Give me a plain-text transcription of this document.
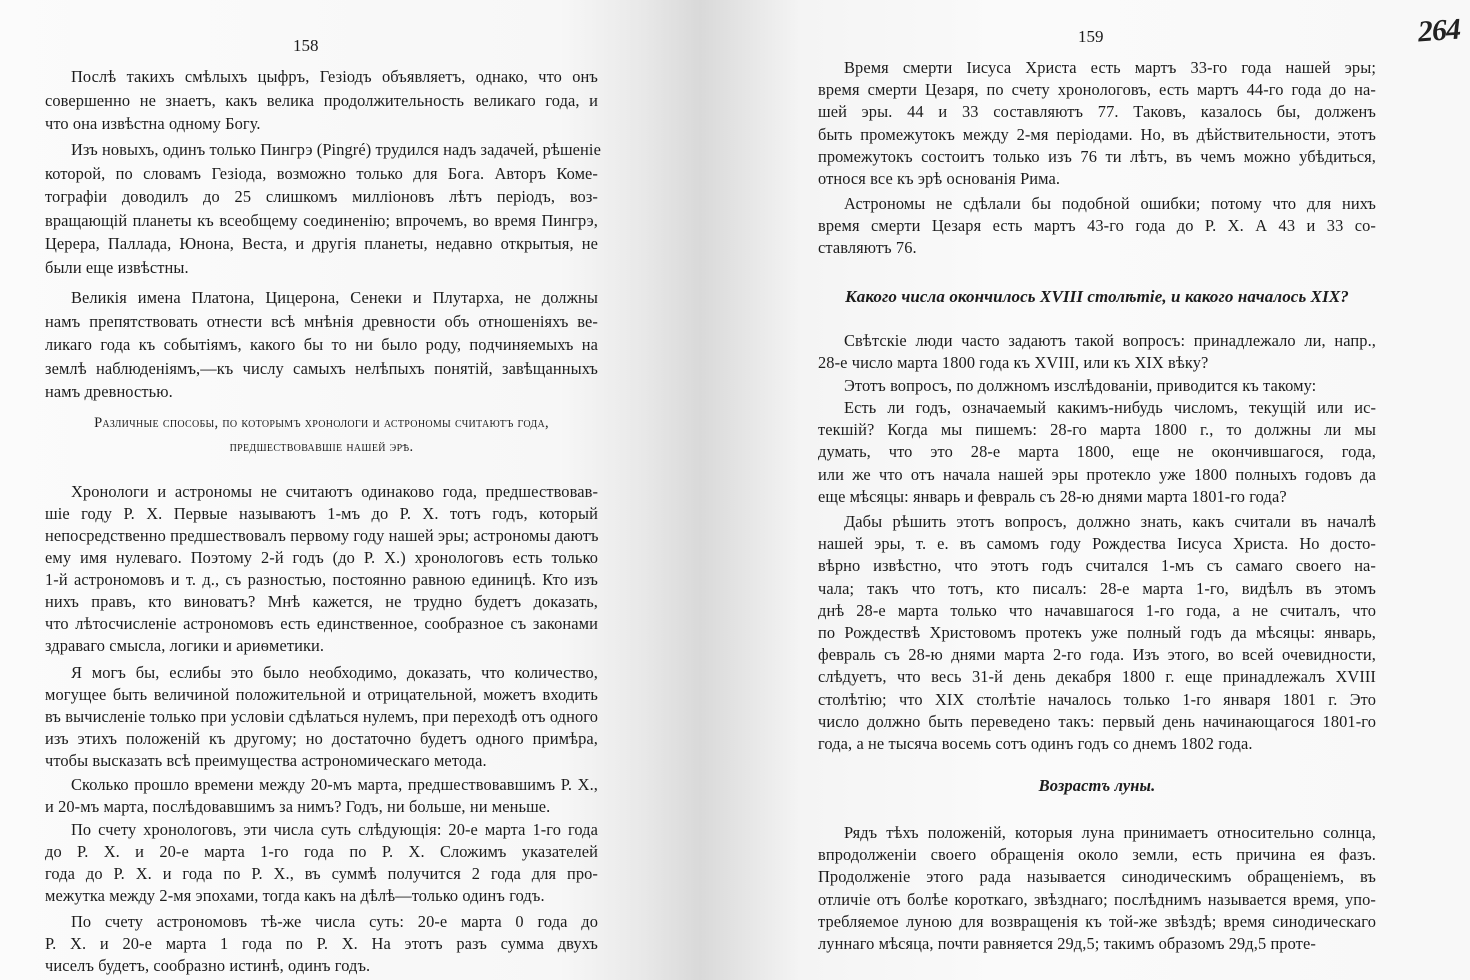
158
Послѣ такихъ смѣлыхъ цыфръ, Гезіодъ объявляетъ, однако, что онъ
совершенно не знаетъ, какъ велика продолжительность великаго года, и
что она извѣстна одному Богу.
Изъ новыхъ, одинъ только Пингрэ (Pingré) трудился надъ задачей, рѣшеніе
которой, по словамъ Гезіода, возможно только для Бога. Авторъ Коме-
тографіи доводилъ до 25 слишкомъ милліоновъ лѣтъ періодъ, воз-
вращающій планеты къ всеобщему соединенію; впрочемъ, во время Пингрэ,
Церера, Паллада, Юнона, Веста, и другія планеты, недавно открытыя, не
были еще извѣстны.
Великія имена Платона, Цицерона, Сенеки и Плутарха, не должны
намъ препятствовать отнести всѣ мнѣнія древности объ отношеніяхъ ве-
ликаго года къ событіямъ, какого бы то ни было роду, подчиняемыхъ на
землѣ наблюденіямъ,—къ числу самыхъ нелѣпыхъ понятій, завѣщанныхъ
намъ древностью.
Различные способы, по которымъ хронологи и астрономы считаютъ года,
предшествовавшіе нашей эрѣ.
Хронологи и астрономы не считаютъ одинаково года, предшествовав-
шіе году Р. Х. Первые называютъ 1-мъ до Р. Х. тотъ годъ, который
непосредственно предшествовалъ первому году нашей эры; астрономы даютъ
ему имя нулеваго. Поэтому 2-й годъ (до Р. Х.) хронологовъ есть только
1-й астрономовъ и т. д., съ разностью, постоянно равною единицѣ. Кто изъ
нихъ правъ, кто виноватъ? Мнѣ кажется, не трудно будетъ доказать,
что лѣтосчисленіе астрономовъ есть единственное, сообразное съ законами
здраваго смысла, логики и ариѳметики.
Я могъ бы, еслибы это было необходимо, доказать, что количество,
могущее быть величиной положительной и отрицательной, можетъ входить
въ вычисленіе только при условіи сдѣлаться нулемъ, при переходѣ отъ одного
изъ этихъ положеній къ другому; но достаточно будетъ одного примѣра,
чтобы высказать всѣ преимущества астрономическаго метода.
Сколько прошло времени между 20-мъ марта, предшествовавшимъ Р. Х.,
и 20-мъ марта, послѣдовавшимъ за нимъ? Годъ, ни больше, ни меньше.
По счету хронологовъ, эти числа суть слѣдующія: 20-е марта 1-го года
до Р. Х. и 20-е марта 1-го года по Р. Х. Сложимъ указателей
года до Р. Х. и года по Р. Х., въ суммѣ получится 2 года для про-
межутка между 2-мя эпохами, тогда какъ на дѣлѣ—только одинъ годъ.
По счету астрономовъ тѣ-же числа суть: 20-е марта 0 года до
Р. Х. и 20-е марта 1 года по Р. Х. На этотъ разъ сумма двухъ
чиселъ будетъ, сообразно истинѣ, одинъ годъ.
159
Время смерти Іисуса Христа есть мартъ 33-го года нашей эры;
время смерти Цезаря, по счету хронологовъ, есть мартъ 44-го года до на-
шей эры. 44 и 33 составляютъ 77. Таковъ, казалось бы, долженъ
быть промежутокъ между 2-мя періодами. Но, въ дѣйствительности, этотъ
промежутокъ состоитъ только изъ 76 ти лѣтъ, въ чемъ можно убѣдиться,
относя все къ эрѣ основанія Рима.
Астрономы не сдѣлали бы подобной ошибки; потому что для нихъ
время смерти Цезаря есть мартъ 43-го года до Р. Х. А 43 и 33 со-
ставляютъ 76.
Какого числа окончилось XVIII столѣтіе, и какого началось XIX?
Свѣтскіе люди часто задаютъ такой вопросъ: принадлежало ли, напр.,
28-е число марта 1800 года къ XVIII, или къ XIX вѣку?
Этотъ вопросъ, по должномъ изслѣдованіи, приводится къ такому:
Есть ли годъ, означаемый какимъ-нибудь числомъ, текущій или ис-
текшій? Когда мы пишемъ: 28-го марта 1800 г., то должны ли мы
думать, что это 28-е марта 1800, еще не окончившагося, года,
или же что отъ начала нашей эры протекло уже 1800 полныхъ годовъ да
еще мѣсяцы: январь и февраль съ 28-ю днями марта 1801-го года?
Дабы рѣшить этотъ вопросъ, должно знать, какъ считали въ началѣ
нашей эры, т. е. въ самомъ году Рождества Іисуса Христа. Но досто-
вѣрно извѣстно, что этотъ годъ считался 1-мъ съ самаго своего на-
чала; такъ что тотъ, кто писалъ: 28-е марта 1-го, видѣлъ въ этомъ
днѣ 28-е марта только что начавшагося 1-го года, а не считалъ, что
по Рождествѣ Христовомъ протекъ уже полный годъ да мѣсяцы: январь,
февраль съ 28-ю днями марта 2-го года. Изъ этого, во всей очевидности,
слѣдуетъ, что весь 31-й день декабря 1800 г. еще принадлежалъ XVIII
столѣтію; что XIX столѣтіе началось только 1-го января 1801 г. Это
число должно быть переведено такъ: первый день начинающагося 1801-го
года, а не тысяча восемь сотъ одинъ годъ со днемъ 1802 года.
Возрастъ луны.
Рядъ тѣхъ положеній, которыя луна принимаетъ относительно солнца,
впродолженіи своего обращенія около земли, есть причина ея фазъ.
Продолженіе этого рада называется синодическимъ обращеніемъ, въ
отличіе отъ болѣе короткаго, звѣзднаго; послѣднимъ называется время, упо-
требляемое луною для возвращенія къ той-же звѣздѣ; время синодическаго
луннаго мѣсяца, почти равняется 29д,5; такимъ образомъ 29д,5 проте-
264
